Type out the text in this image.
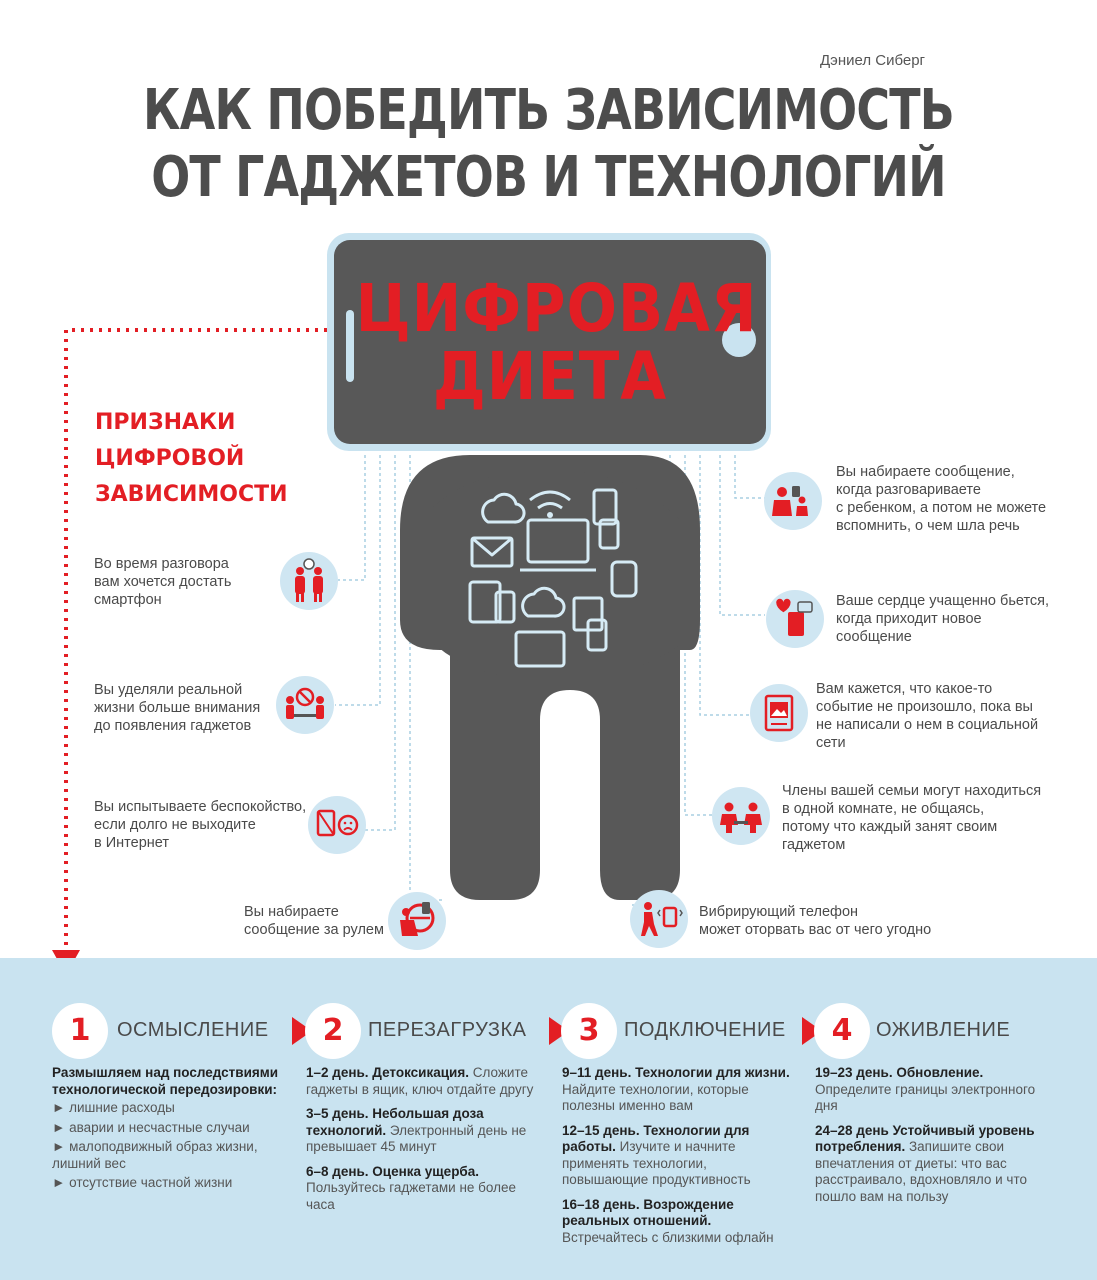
Дэниел Сиберг
КАК ПОБЕДИТЬ ЗАВИСИМОСТЬ
ОТ ГАДЖЕТОВ И ТЕХНОЛОГИЙ
ЦИФРОВАЯ
ДИЕТА
ПРИЗНАКИ
ЦИФРОВОЙ
ЗАВИСИМОСТИ
Во время разговора
вам хочется достать
смартфон
Вы уделяли реальной
жизни больше внимания
до появления гаджетов
Вы испытываете беспокойство,
если долго не выходите
в Интернет
Вы набираете
сообщение за рулем
Вы набираете сообщение,
когда разговариваете
с ребенком, а потом не можете
вспомнить, о чем шла речь
Ваше сердце учащенно бьется,
когда приходит новое
сообщение
Вам кажется, что какое-то
событие не произошло, пока вы
не написали о нем в социальной
сети
Члены вашей семьи могут находиться
в одной комнате, не общаясь,
потому что каждый занят своим
гаджетом
Вибрирующий телефон
может оторвать вас от чего угодно
1	ОСМЫСЛЕНИЕ
Размышляем над последствиями технологической передозировки:
► лишние расходы
► аварии и несчастные случаи
► малоподвижный образ жизни, лишний вес
► отсутствие частной жизни
2	ПЕРЕЗАГРУЗКА
1–2 день. Детоксикация. Сложите гаджеты в ящик, ключ отдайте другу
3–5 день. Небольшая доза технологий. Электронный день не превышает 45 минут
6–8 день. Оценка ущерба. Пользуйтесь гаджетами не более часа
3	ПОДКЛЮЧЕНИЕ
9–11 день. Технологии для жизни. Найдите технологии, которые полезны именно вам
12–15 день. Технологии для работы. Изучите и начните применять технологии, повышающие продуктивность
16–18 день. Возрождение реальных отношений. Встречайтесь с близкими офлайн
4	ОЖИВЛЕНИЕ
19–23 день. Обновление. Определите границы электронного дня
24–28 день Устойчивый уровень потребления. Запишите свои впечатления от диеты: что вас расстраивало, вдохновляло и что пошло вам на пользу
